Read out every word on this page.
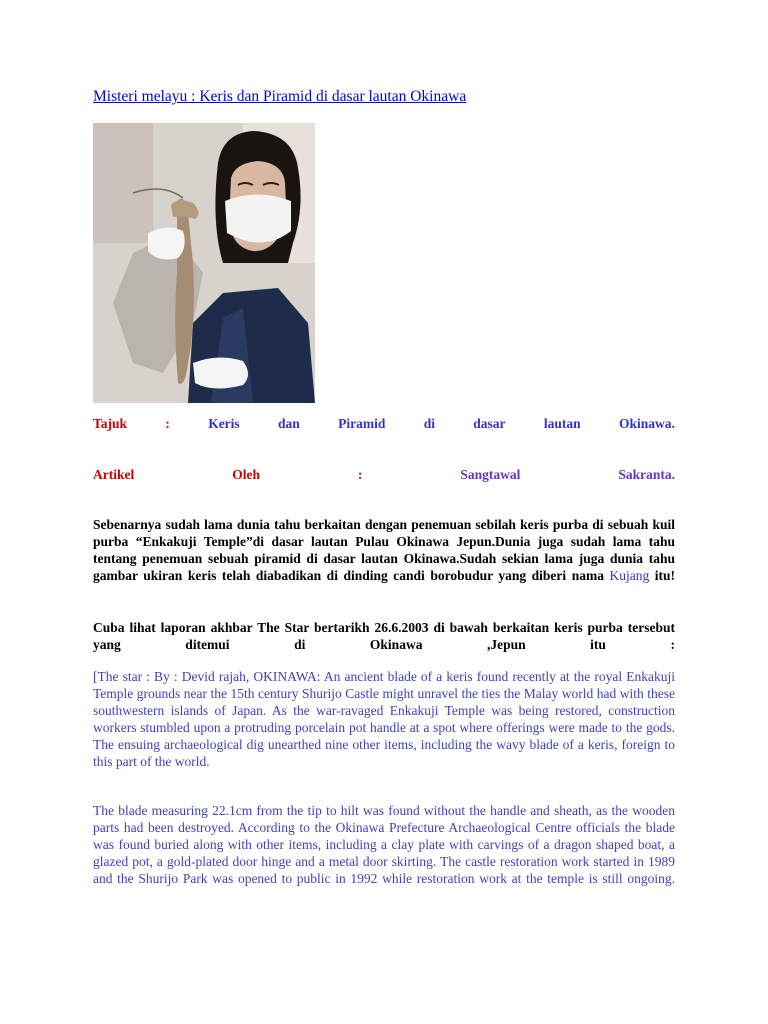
Misteri melayu : Keris dan Piramid di dasar lautan Okinawa
Tajuk	:	Keris	dan	Piramid	di	dasar	lautan	Okinawa.
Artikel	Oleh	:	Sangtawal	Sakranta.

Sebenarnya sudah lama dunia tahu berkaitan dengan penemuan sebilah keris purba di sebuah kuil purba “Enkakuji Temple”di dasar lautan Pulau Okinawa Jepun.Dunia juga sudah lama tahu tentang penemuan sebuah piramid di dasar lautan Okinawa.Sudah sekian lama juga dunia tahu gambar ukiran keris telah diabadikan di dinding candi borobudur yang diberi nama Kujang itu!

Cuba lihat laporan akhbar The Star bertarikh 26.6.2003 di bawah berkaitan keris purba tersebut yang ditemui di Okinawa ,Jepun itu :

[The star : By : Devid rajah, OKINAWA: An ancient blade of a keris found recently at the royal Enkakuji Temple grounds near the 15th century Shurijo Castle might unravel the ties the Malay world had with these southwestern islands of Japan. As the war-ravaged Enkakuji Temple was being restored, construction workers stumbled upon a protruding porcelain pot handle at a spot where offerings were made to the gods. The ensuing archaeological dig unearthed nine other items, including the wavy blade of a keris, foreign to this part of the world.

The blade measuring 22.1cm from the tip to hilt was found without the handle and sheath, as the wooden parts had been destroyed. According to the Okinawa Prefecture Archaeological Centre officials the blade was found buried along with other items, including a clay plate with carvings of a dragon shaped boat, a glazed pot, a gold-plated door hinge and a metal door skirting. The castle restoration work started in 1989 and the Shurijo Park was opened to public in 1992 while restoration work at the temple is still ongoing.
